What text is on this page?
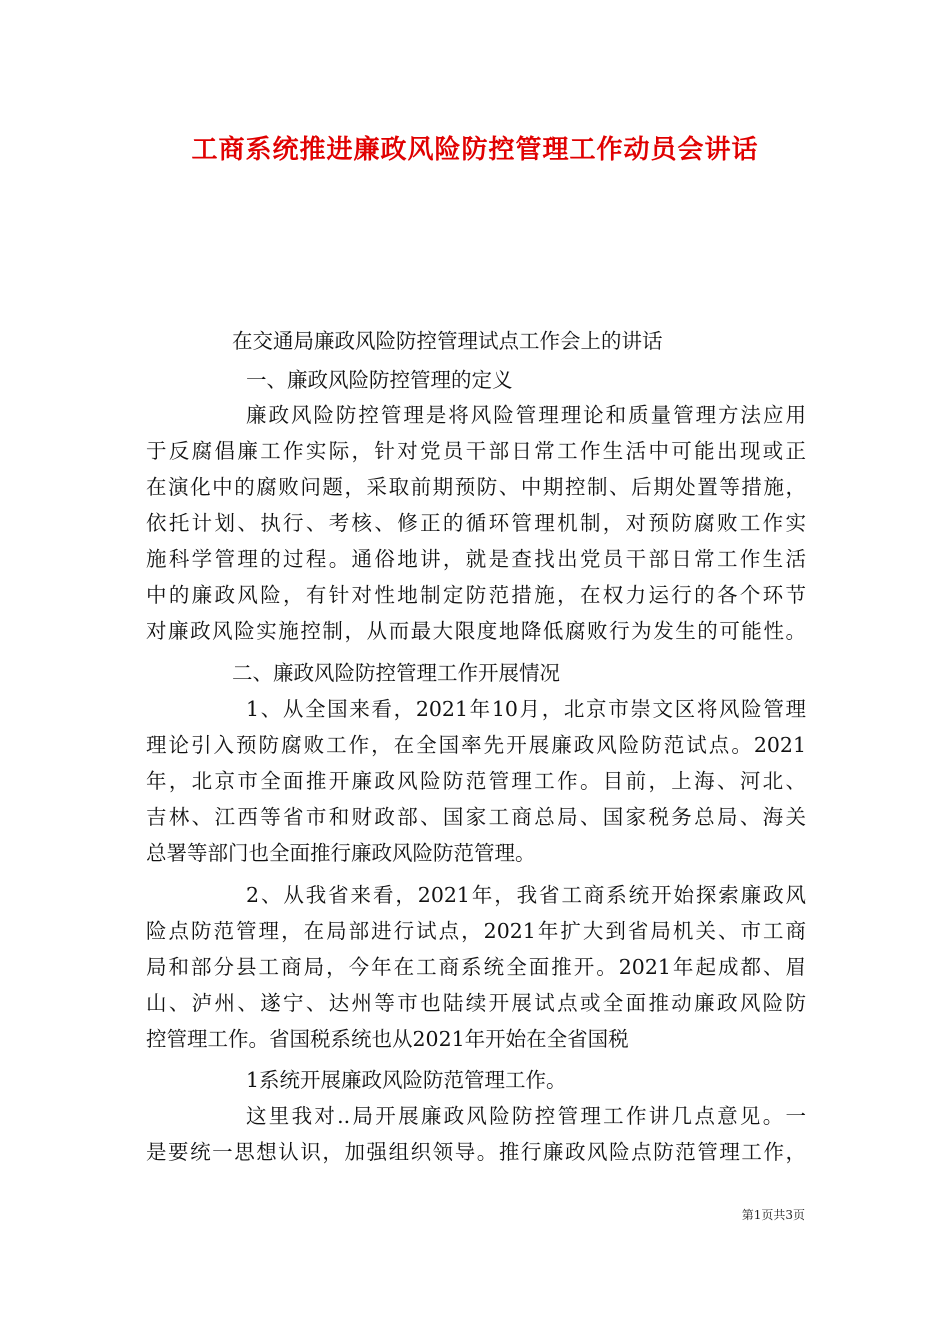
工商系统推进廉政风险防控管理工作动员会讲话
在交通局廉政风险防控管理试点工作会上的讲话
一、廉政风险防控管理的定义
廉政风险防控管理是将风险管理理论和质量管理方法应用
于反腐倡廉工作实际，针对党员干部日常工作生活中可能出现或正
在演化中的腐败问题，采取前期预防、中期控制、后期处置等措施，
依托计划、执行、考核、修正的循环管理机制，对预防腐败工作实
施科学管理的过程。通俗地讲，就是查找出党员干部日常工作生活
中的廉政风险，有针对性地制定防范措施，在权力运行的各个环节
对廉政风险实施控制，从而最大限度地降低腐败行为发生的可能性。
二、廉政风险防控管理工作开展情况
1、从全国来看，2021年10月，北京市崇文区将风险管理
理论引入预防腐败工作，在全国率先开展廉政风险防范试点。2021
年，北京市全面推开廉政风险防范管理工作。目前，上海、河北、
吉林、江西等省市和财政部、国家工商总局、国家税务总局、海关
总署等部门也全面推行廉政风险防范管理。
2、从我省来看，2021年，我省工商系统开始探索廉政风
险点防范管理，在局部进行试点，2021年扩大到省局机关、市工商
局和部分县工商局，今年在工商系统全面推开。2021年起成都、眉
山、泸州、遂宁、达州等市也陆续开展试点或全面推动廉政风险防
控管理工作。省国税系统也从2021年开始在全省国税
1系统开展廉政风险防范管理工作。
这里我对..局开展廉政风险防控管理工作讲几点意见。一
是要统一思想认识，加强组织领导。推行廉政风险点防范管理工作，
第1页共3页
